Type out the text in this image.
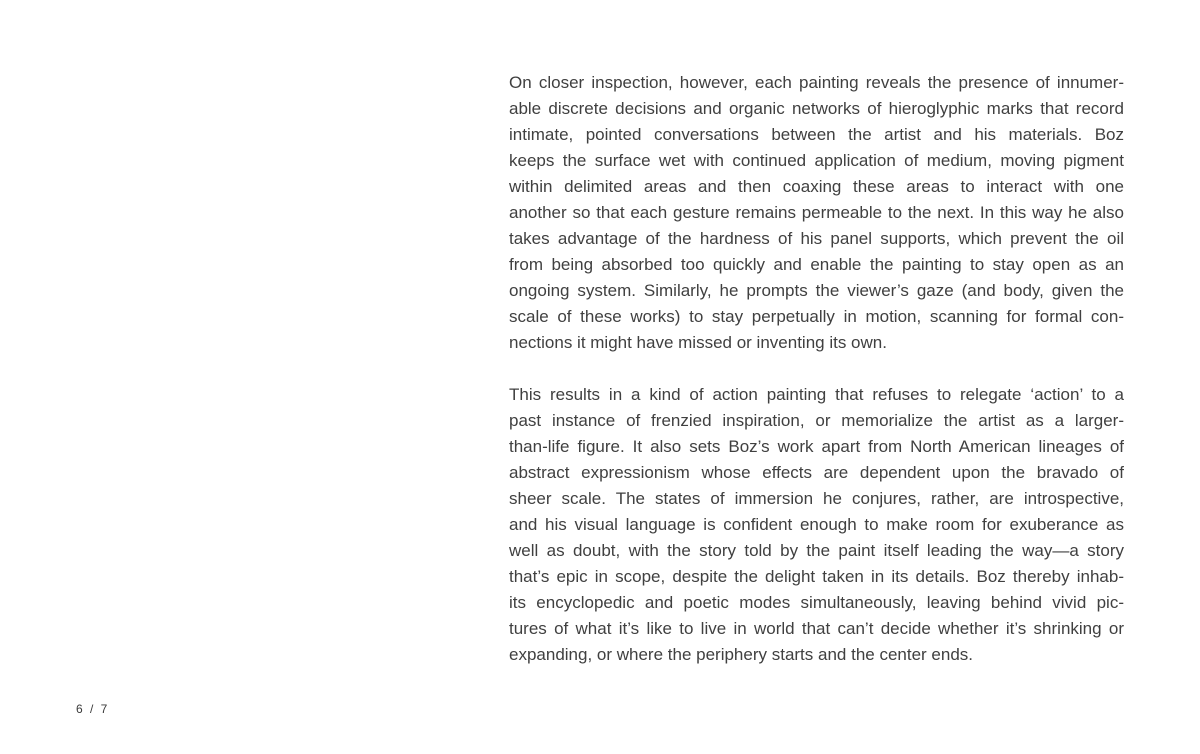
On closer inspection, however, each painting reveals the presence of innumer-
able discrete decisions and organic networks of hieroglyphic marks that record
intimate, pointed conversations between the artist and his materials. Boz
keeps the surface wet with continued application of medium, moving pigment
within delimited areas and then coaxing these areas to interact with one
another so that each gesture remains permeable to the next. In this way he also
takes advantage of the hardness of his panel supports, which prevent the oil
from being absorbed too quickly and enable the painting to stay open as an
ongoing system. Similarly, he prompts the viewer’s gaze (and body, given the
scale of these works) to stay perpetually in motion, scanning for formal con-
nections it might have missed or inventing its own.
This results in a kind of action painting that refuses to relegate ‘action’ to a
past instance of frenzied inspiration, or memorialize the artist as a larger-
than-life figure. It also sets Boz’s work apart from North American lineages of
abstract expressionism whose effects are dependent upon the bravado of
sheer scale. The states of immersion he conjures, rather, are introspective,
and his visual language is confident enough to make room for exuberance as
well as doubt, with the story told by the paint itself leading the way—a story
that’s epic in scope, despite the delight taken in its details. Boz thereby inhab-
its encyclopedic and poetic modes simultaneously, leaving behind vivid pic-
tures of what it’s like to live in world that can’t decide whether it’s shrinking or
expanding, or where the periphery starts and the center ends.
6 / 7
